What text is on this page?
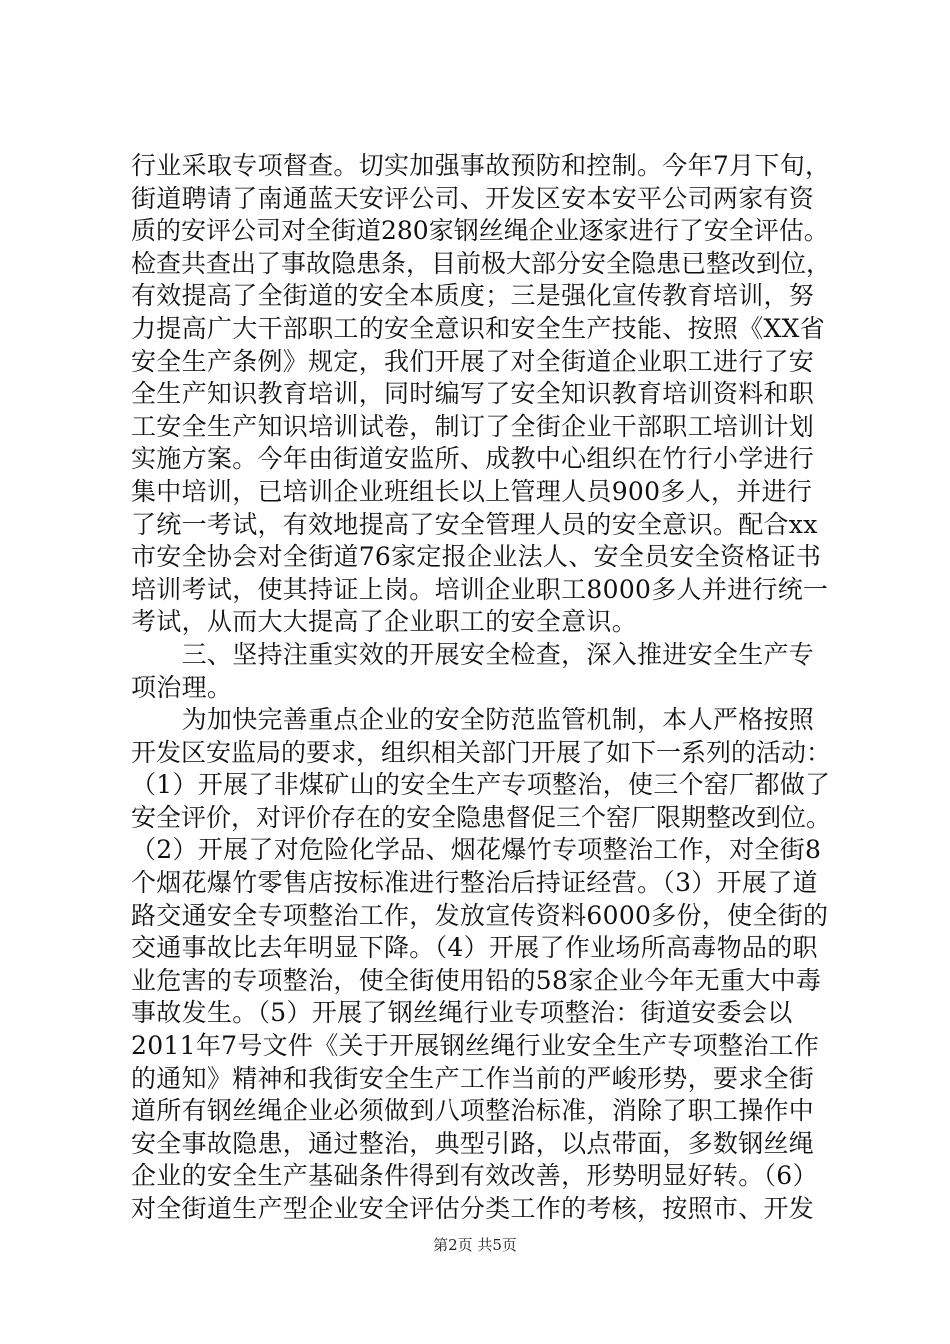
行业采取专项督查。切实加强事故预防和控制。今年7月下旬，
街道聘请了南通蓝天安评公司、开发区安本安平公司两家有资
质的安评公司对全街道280家钢丝绳企业逐家进行了安全评估。
检查共查出了事故隐患条，目前极大部分安全隐患已整改到位，
有效提高了全街道的安全本质度；三是强化宣传教育培训，努
力提高广大干部职工的安全意识和安全生产技能、按照《XX省
安全生产条例》规定，我们开展了对全街道企业职工进行了安
全生产知识教育培训，同时编写了安全知识教育培训资料和职
工安全生产知识培训试卷，制订了全街企业干部职工培训计划
实施方案。今年由街道安监所、成教中心组织在竹行小学进行
集中培训，已培训企业班组长以上管理人员900多人，并进行
了统一考试，有效地提高了安全管理人员的安全意识。配合xx
市安全协会对全街道76家定报企业法人、安全员安全资格证书
培训考试，使其持证上岗。培训企业职工8000多人并进行统一
考试，从而大大提高了企业职工的安全意识。
　　三、坚持注重实效的开展安全检查，深入推进安全生产专
项治理。
　　为加快完善重点企业的安全防范监管机制，本人严格按照
开发区安监局的要求，组织相关部门开展了如下一系列的活动：
（1）开展了非煤矿山的安全生产专项整治，使三个窑厂都做了
安全评价，对评价存在的安全隐患督促三个窑厂限期整改到位。
（2）开展了对危险化学品、烟花爆竹专项整治工作，对全街8
个烟花爆竹零售店按标准进行整治后持证经营。（3）开展了道
路交通安全专项整治工作，发放宣传资料6000多份，使全街的
交通事故比去年明显下降。（4）开展了作业场所高毒物品的职
业危害的专项整治，使全街使用铅的58家企业今年无重大中毒
事故发生。（5）开展了钢丝绳行业专项整治：街道安委会以
2011年7号文件《关于开展钢丝绳行业安全生产专项整治工作
的通知》精神和我街安全生产工作当前的严峻形势，要求全街
道所有钢丝绳企业必须做到八项整治标准，消除了职工操作中
安全事故隐患，通过整治，典型引路，以点带面，多数钢丝绳
企业的安全生产基础条件得到有效改善，形势明显好转。（6）
对全街道生产型企业安全评估分类工作的考核，按照市、开发
第2页 共5页
